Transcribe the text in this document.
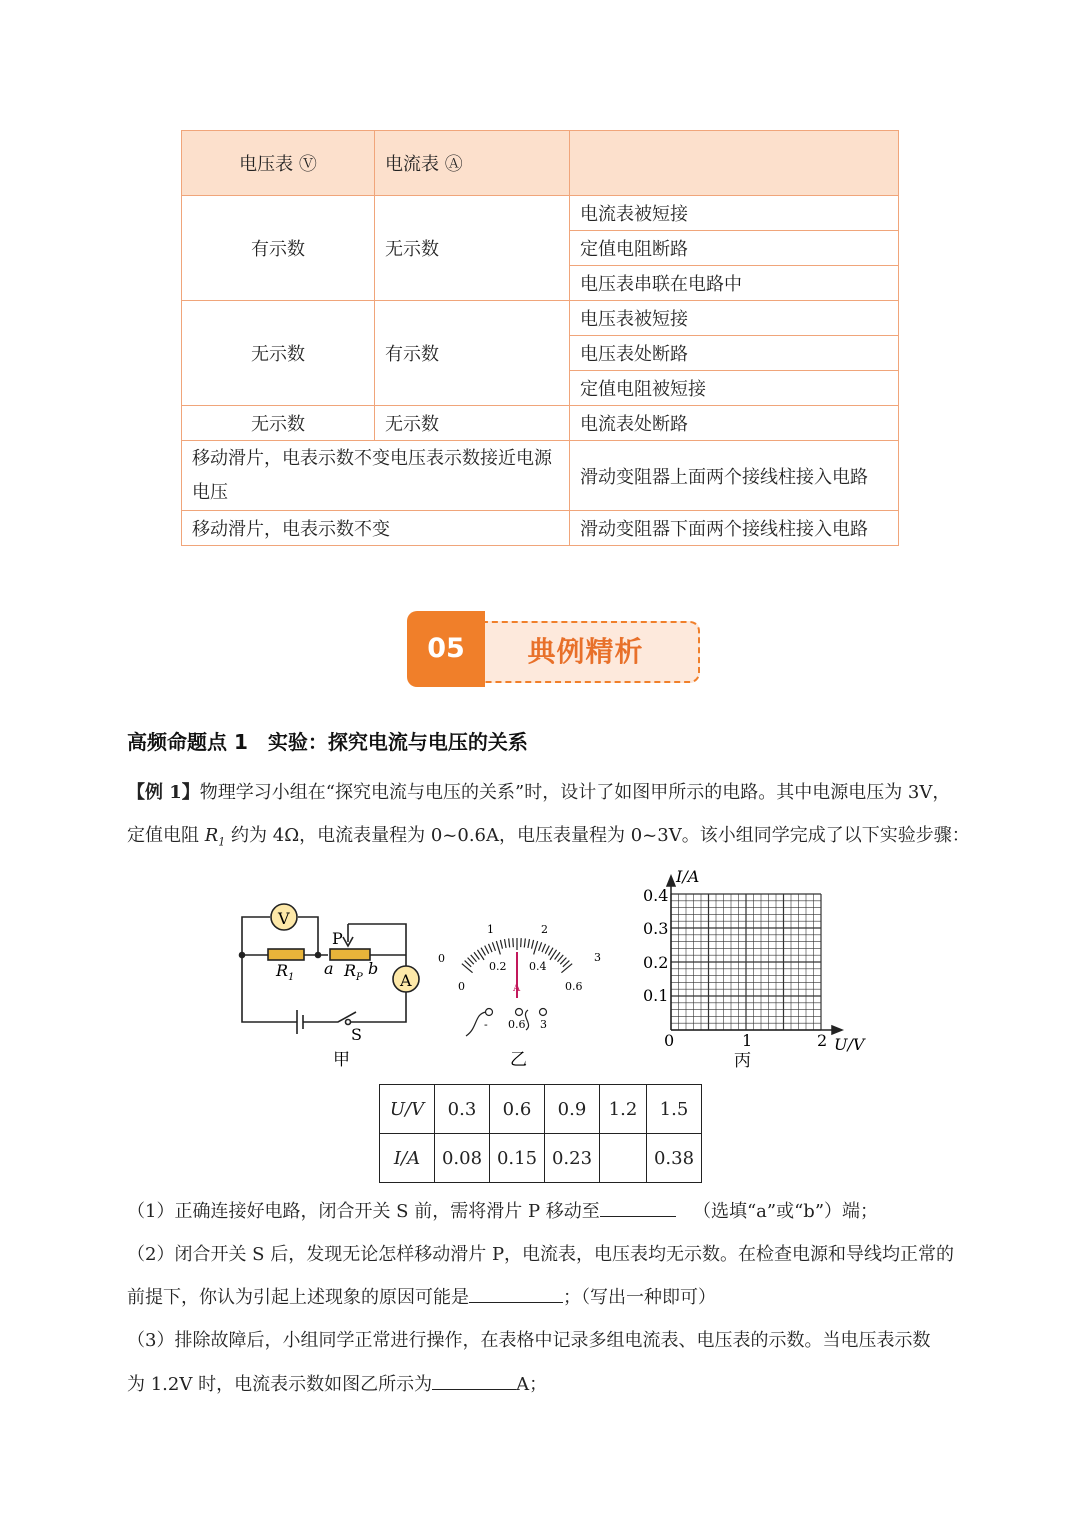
电压表 Ⓥ	电流表 Ⓐ	
有示数	无示数	电流表被短接
		定值电阻断路
		电压表串联在电路中
无示数	有示数	电压表被短接
		电压表处断路
		定值电阻被短接
无示数	无示数	电流表处断路
移动滑片，电表示数不变电压表示数接近电源电压		滑动变阻器上面两个接线柱接入电路
移动滑片，电表示数不变		滑动变阻器下面两个接线柱接入电路
典例精析
05
高频命题点 1　实验：探究电流与电压的关系
【例 1】物理学习小组在“探究电流与电压的关系”时，设计了如图甲所示的电路。其中电源电压为 3V，
定值电阻 $R_1$ 约为 4Ω，电流表量程为 0~0.6A，电压表量程为 0~3V。该小组同学完成了以下实验步骤：
V
A
P
$R_1$ a $R_P$ b
S
甲
0
1	2
3
0
0.2 0.4
0.6
A
- 0.6 3
乙
I/A
U/V
0.4
0.3
0.2
0.1
0	1	2
丙
U/V	0.3	0.6	0.9	1.2	1.5
I/A	0.08	0.15	0.23		0.38
（1）正确连接好电路，闭合开关 S 前，需将滑片 P 移动至	（选填“a”或“b”）端；
（2）闭合开关 S 后，发现无论怎样移动滑片 P，电流表，电压表均无示数。在检查电源和导线均正常的
前提下，你认为引起上述现象的原因可能是	；（写出一种即可）
（3）排除故障后，小组同学正常进行操作，在表格中记录多组电流表、电压表的示数。当电压表示数
为 1.2V 时，电流表示数如图乙所示为	A；
